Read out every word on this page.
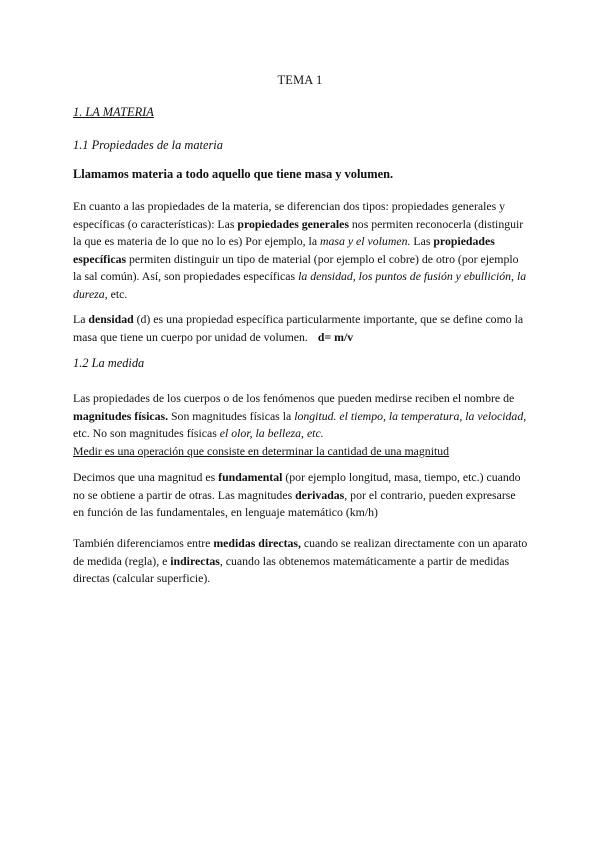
TEMA 1

1. LA MATERIA

1.1 Propiedades de la materia

Llamamos materia a todo aquello que tiene masa y volumen.

En cuanto a las propiedades de la materia, se diferencian dos tipos: propiedades generales y específicas (o características): Las propiedades generales nos permiten reconocerla (distinguir la que es materia de lo que no lo es) Por ejemplo, la masa y el volumen. Las propiedades específicas permiten distinguir un tipo de material (por ejemplo el cobre) de otro (por ejemplo la sal común). Así, son propiedades específicas la densidad, los puntos de fusión y ebullición, la dureza, etc.

La densidad (d) es una propiedad específica particularmente importante, que se define como la masa que tiene un cuerpo por unidad de volumen. d= m/v

1.2 La medida

Las propiedades de los cuerpos o de los fenómenos que pueden medirse reciben el nombre de magnitudes físicas. Son magnitudes físicas la longitud. el tiempo, la temperatura, la velocidad, etc. No son magnitudes físicas el olor, la belleza, etc.
Medir es una operación que consiste en determinar la cantidad de una magnitud

Decimos que una magnitud es fundamental (por ejemplo longitud, masa, tiempo, etc.) cuando no se obtiene a partir de otras. Las magnitudes derivadas, por el contrario, pueden expresarse en función de las fundamentales, en lenguaje matemático (km/h)

También diferenciamos entre medidas directas, cuando se realizan directamente con un aparato de medida (regla), e indirectas, cuando las obtenemos matemáticamente a partir de medidas directas (calcular superficie).
